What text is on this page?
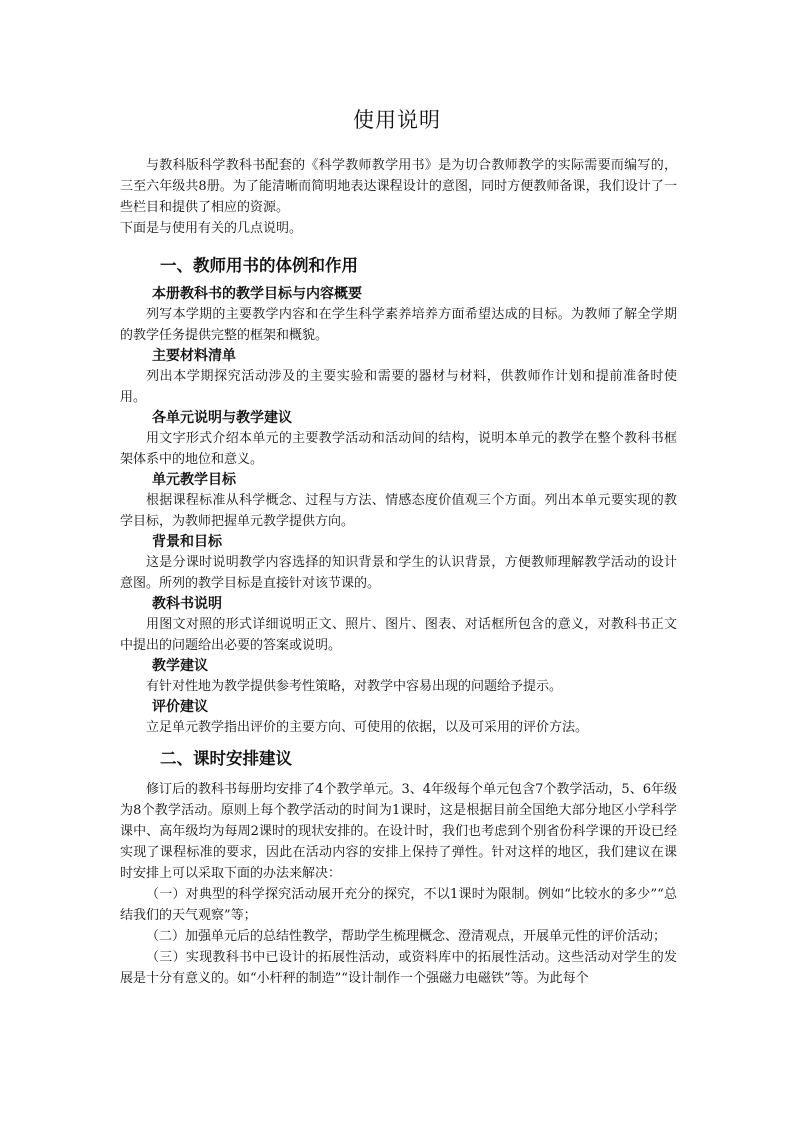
使用说明

与教科版科学教科书配套的《科学教师教学用书》是为切合教师教学的实际需要而编写的，三至六年级共8册。为了能清晰而简明地表达课程设计的意图，同时方便教师备课，我们设计了一些栏目和提供了相应的资源。

下面是与使用有关的几点说明。

一、教师用书的体例和作用
本册教科书的教学目标与内容概要

列写本学期的主要教学内容和在学生科学素养培养方面希望达成的目标。为教师了解全学期的教学任务提供完整的框架和概貌。

主要材料清单

列出本学期探究活动涉及的主要实验和需要的器材与材料，供教师作计划和提前准备时使用。

各单元说明与教学建议

用文字形式介绍本单元的主要教学活动和活动间的结构，说明本单元的教学在整个教科书框架体系中的地位和意义。

单元教学目标

根据课程标准从科学概念、过程与方法、情感态度价值观三个方面。列出本单元要实现的教学目标，为教师把握单元教学提供方向。

背景和目标

这是分课时说明教学内容选择的知识背景和学生的认识背景，方便教师理解教学活动的设计意图。所列的教学目标是直接针对该节课的。

教科书说明

用图文对照的形式详细说明正文、照片、图片、图表、对话框所包含的意义，对教科书正文中提出的问题给出必要的答案或说明。

教学建议

有针对性地为教学提供参考性策略，对教学中容易出现的问题给予提示。

评价建议

立足单元教学指出评价的主要方向、可使用的依据，以及可采用的评价方法。

二、课时安排建议

修订后的教科书每册均安排了4个教学单元。3、4年级每个单元包含7个教学活动，5、6年级为8个教学活动。原则上每个教学活动的时间为1课时，这是根据目前全国绝大部分地区小学科学课中、高年级均为每周2课时的现状安排的。在设计时，我们也考虑到个别省份科学课的开设已经实现了课程标准的要求，因此在活动内容的安排上保持了弹性。针对这样的地区，我们建议在课时安排上可以采取下面的办法来解决：

（一）对典型的科学探究活动展开充分的探究，不以1课时为限制。例如“比较水的多少”“总结我们的天气观察”等；

（二）加强单元后的总结性教学，帮助学生梳理概念、澄清观点，开展单元性的评价活动；

（三）实现教科书中已设计的拓展性活动，或资料库中的拓展性活动。这些活动对学生的发展是十分有意义的。如“小杆秤的制造”“设计制作一个强磁力电磁铁”等。为此每个
